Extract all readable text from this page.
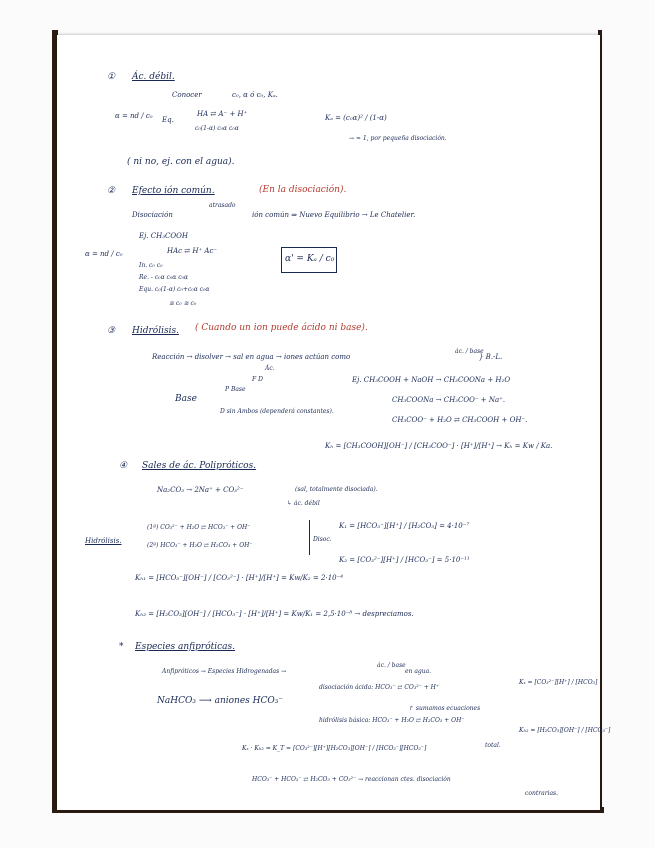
① Ác. débil.
Conocer	c₀, α ó c₀, Kₐ.
α = nd / c₀ Eq.
HA ⇄ A⁻ + H⁺
c₀(1-α) c₀α c₀α
Kₐ = (c₀α)² / (1-α)
→ ≈ 1, por pequeña disociación.
( ni no, ej. con el agua).
② Efecto ión común.	(En la disociación).
atrasado
Disociación	ión común ⇒ Nuevo Equilibrio → Le Chatelier.
Ej. CH₃COOH
α = nd / c₀	HAc ⇄ H⁺ Ac⁻
In. c₀ c₀
Re. - c₀α c₀α c₀α
Equ. c₀(1-α) c₀+c₀α c₀α
≅ c₀ ≅ c₀
α' = Kₐ / c₀
③ Hidrólisis. ( Cuando un ion puede ácido ni base).
Reacción → disolver → sal en agua → iones actúan como
ác. / base
} B.-L.
Ác.
F D
P Base
Base
D sin Ambos (dependerá constantes).
Ej. CH₃COOH + NaOH → CH₃COONa + H₂O
CH₃COONa → CH₃COO⁻ + Na⁺.
CH₃COO⁻ + H₂O ⇄ CH₃COOH + OH⁻.
Kₕ = [CH₃COOH][OH⁻] / [CH₃COO⁻] · [H⁺]/[H⁺] → Kₕ = Kw / Ka.
④ Sales de ác. Polipróticos.
Na₂CO₃ → 2Na⁺ + CO₃²⁻	(sal, totalmente disociada).
↳ ác. débil
Hidrólisis.
(1ª) CO₃²⁻ + H₂O ⇄ HCO₃⁻ + OH⁻
(2ª) HCO₃⁻ + H₂O ⇄ H₂CO₃ + OH⁻
Disoc.
K₁ = [HCO₃⁻][H⁺] / [H₂CO₃] = 4·10⁻⁷
K₂ = [CO₃²⁻][H⁺] / [HCO₃⁻] = 5·10⁻¹¹
Kₕ₁ = [HCO₃⁻][OH⁻] / [CO₃²⁻] · [H⁺]/[H⁺] = Kw/K₂ = 2·10⁻⁴
Kₕ₂ = [H₂CO₃][OH⁻] / [HCO₃⁻] · [H⁺]/[H⁺] = Kw/K₁ = 2,5·10⁻⁸ → despreciamos.
* Especies anfipróticas.
Anfipróticos → Especies Hidrogenadas →
ác. / base
en agua.
NaHCO₃ ⟶ aniones HCO₃⁻
disociación ácida: HCO₃⁻ ⇄ CO₃²⁻ + H⁺
Kₓ = [CO₃²⁻][H⁺] / [HCO₃]
↱ sumamos ecuaciones
hidrólisis básica: HCO₃⁻ + H₂O ⇄ H₂CO₃ + OH⁻
Kₕ₂ = [H₂CO₃][OH⁻] / [HCO₃⁻]
total.
Kₓ · Kₕ₂ = K_T = [CO₃²⁻][H⁺][H₂CO₃][OH⁻] / [HCO₃⁻][HCO₃⁻]
HCO₃⁻ + HCO₃⁻ ⇄ H₂CO₃ + CO₃²⁻ → reaccionan ctes. disociación
contrarias.
